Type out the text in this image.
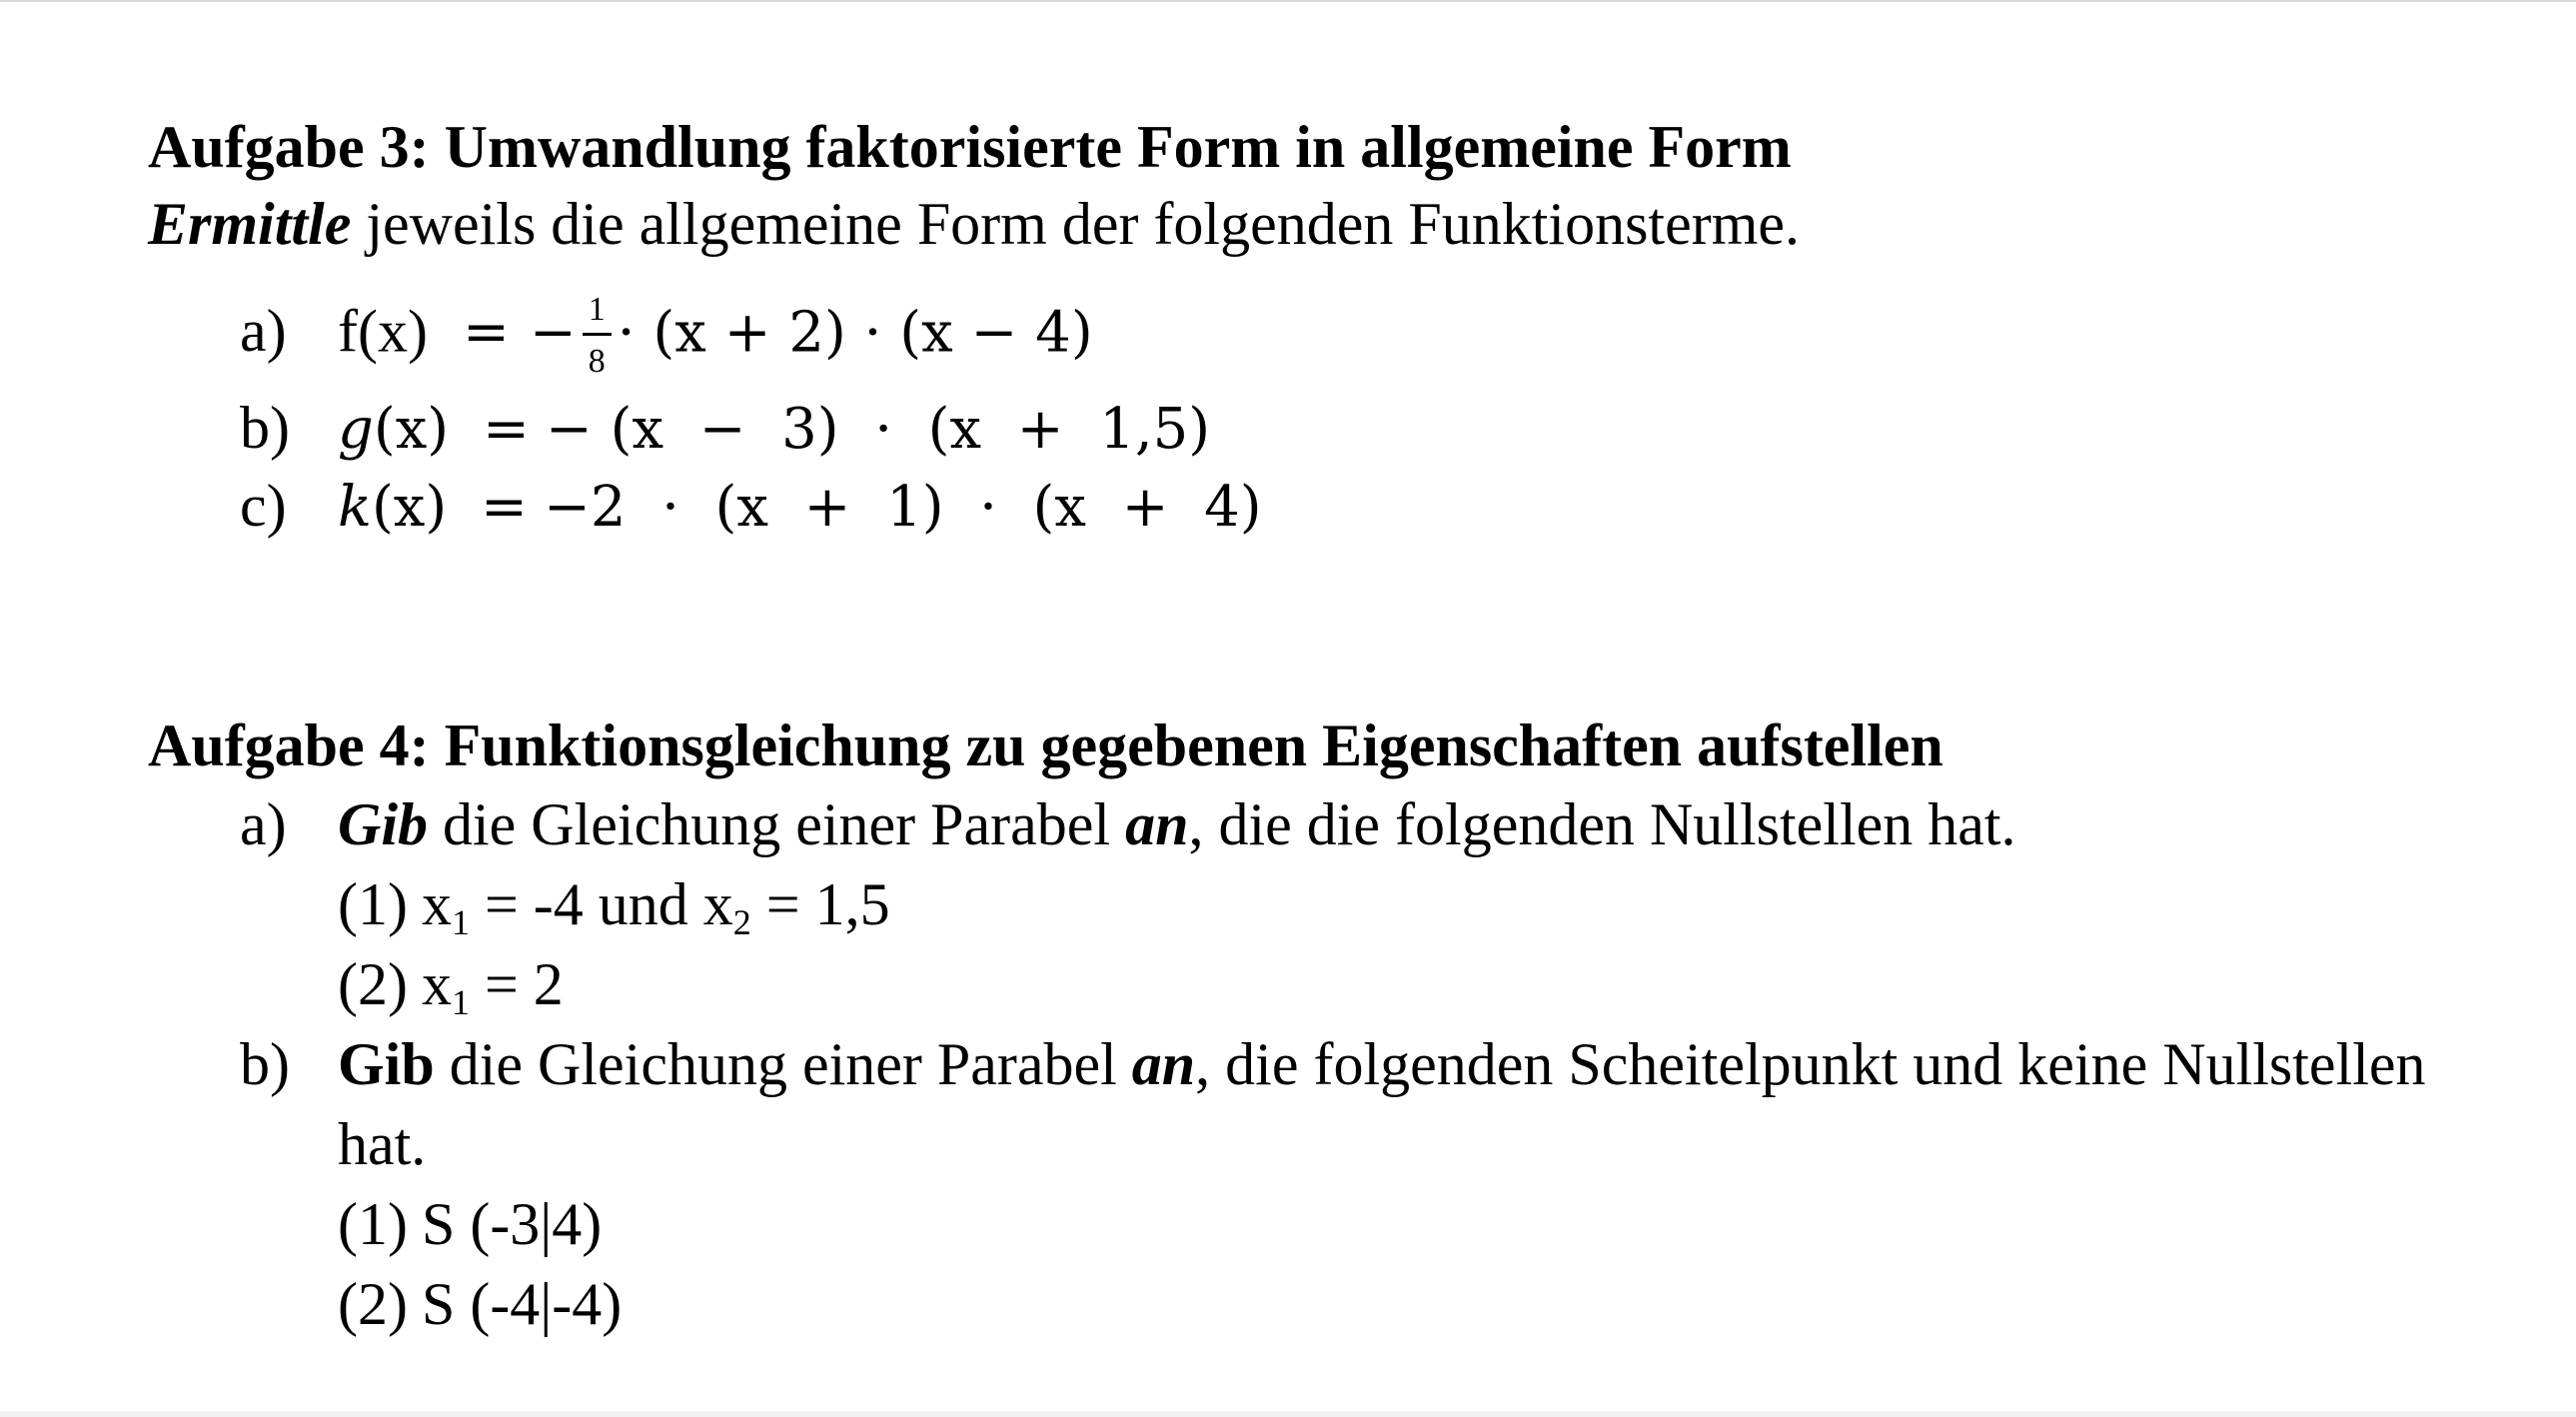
Aufgabe 3: Umwandlung faktorisierte Form in allgemeine Form
Ermittle jeweils die allgemeine Form der folgenden Funktionsterme.
a) f(x) = − $\frac{1}{8} \cdot (x + 2) \cdot (x - 4)$
b) g(x) = − (x  −  3)  ·  (x  +  1,5)
c) k(x) = −2  ·  (x  +  1)  ·  (x  +  4)
Aufgabe 4: Funktionsgleichung zu gegebenen Eigenschaften aufstellen
a) Gib die Gleichung einer Parabel an, die die folgenden Nullstellen hat.
(1) x1 = -4 und x2 = 1,5
(2) x1 = 2
b) Gib die Gleichung einer Parabel an, die folgenden Scheitelpunkt und keine Nullstellen
hat.
(1) S (-3|4)
(2) S (-4|-4)
